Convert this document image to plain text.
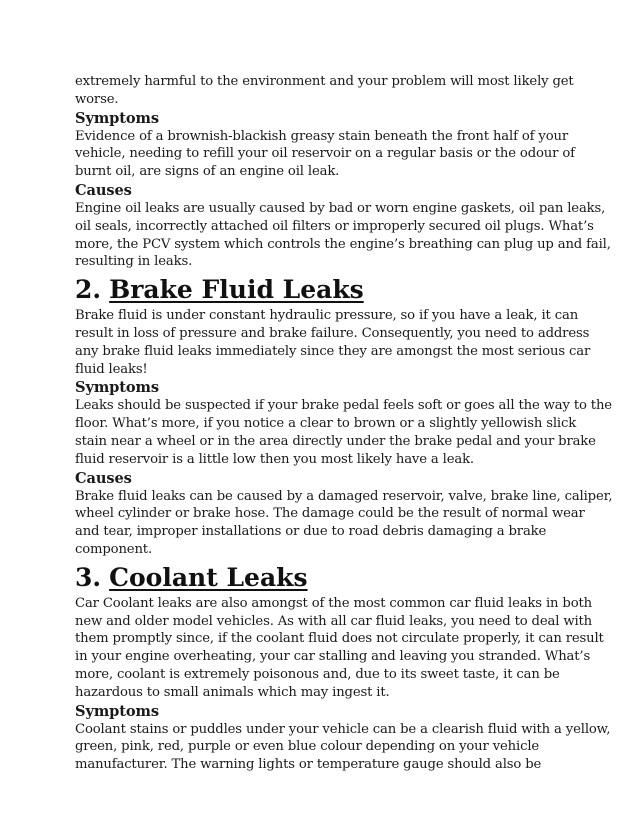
extremely harmful to the environment and your problem will most likely get
worse.

Symptoms

Evidence of a brownish-blackish greasy stain beneath the front half of your
vehicle, needing to refill your oil reservoir on a regular basis or the odour of
burnt oil, are signs of an engine oil leak.

Causes

Engine oil leaks are usually caused by bad or worn engine gaskets, oil pan leaks,
oil seals, incorrectly attached oil filters or improperly secured oil plugs. What’s
more, the PCV system which controls the engine’s breathing can plug up and fail,
resulting in leaks.

2. Brake Fluid Leaks

Brake fluid is under constant hydraulic pressure, so if you have a leak, it can
result in loss of pressure and brake failure. Consequently, you need to address
any brake fluid leaks immediately since they are amongst the most serious car
fluid leaks!

Symptoms

Leaks should be suspected if your brake pedal feels soft or goes all the way to the
floor. What’s more, if you notice a clear to brown or a slightly yellowish slick
stain near a wheel or in the area directly under the brake pedal and your brake
fluid reservoir is a little low then you most likely have a leak.

Causes

Brake fluid leaks can be caused by a damaged reservoir, valve, brake line, caliper,
wheel cylinder or brake hose. The damage could be the result of normal wear
and tear, improper installations or due to road debris damaging a brake
component.

3. Coolant Leaks

Car Coolant leaks are also amongst of the most common car fluid leaks in both
new and older model vehicles. As with all car fluid leaks, you need to deal with
them promptly since, if the coolant fluid does not circulate properly, it can result
in your engine overheating, your car stalling and leaving you stranded. What’s
more, coolant is extremely poisonous and, due to its sweet taste, it can be
hazardous to small animals which may ingest it.

Symptoms

Coolant stains or puddles under your vehicle can be a clearish fluid with a yellow,
green, pink, red, purple or even blue colour depending on your vehicle
manufacturer. The warning lights or temperature gauge should also be
